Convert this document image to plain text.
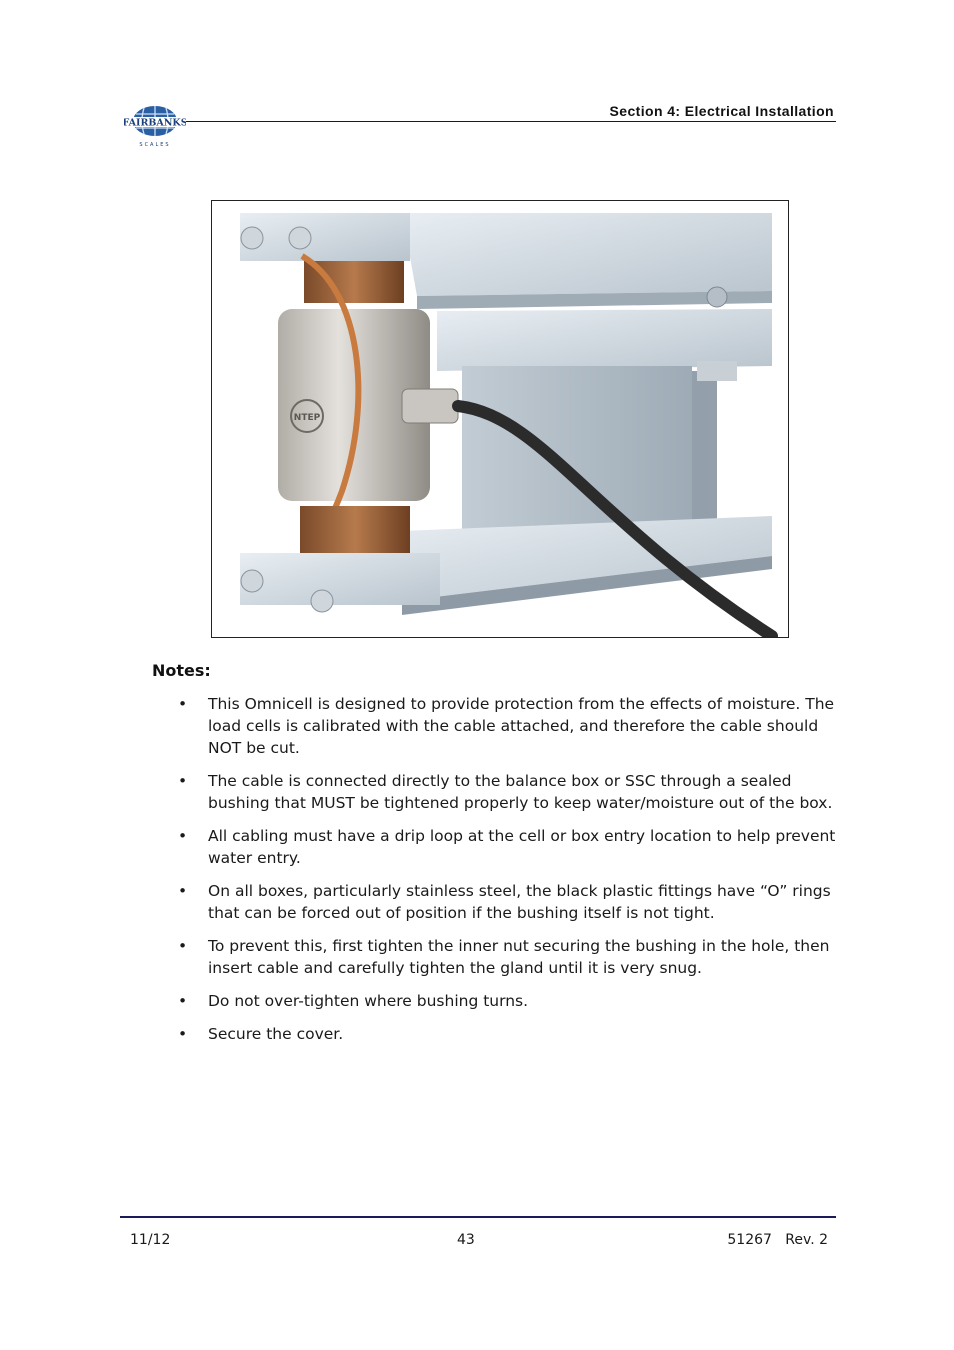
FAIRBANKS
SCALES
Section 4: Electrical Installation
NTEP
Notes:
• This Omnicell is designed to provide protection from the effects of moisture. The load cells is calibrated with the cable attached, and therefore the cable should NOT be cut.
• The cable is connected directly to the balance box or SSC through a sealed bushing that MUST be tightened properly to keep water/moisture out of the box.
• All cabling must have a drip loop at the cell or box entry location to help prevent water entry.
• On all boxes, particularly stainless steel, the black plastic fittings have “O” rings that can be forced out of position if the bushing itself is not tight.
• To prevent this, first tighten the inner nut securing the bushing in the hole, then insert cable and carefully tighten the gland until it is very snug.
• Do not over-tighten where bushing turns.
• Secure the cover.
11/12	43	51267   Rev. 2
